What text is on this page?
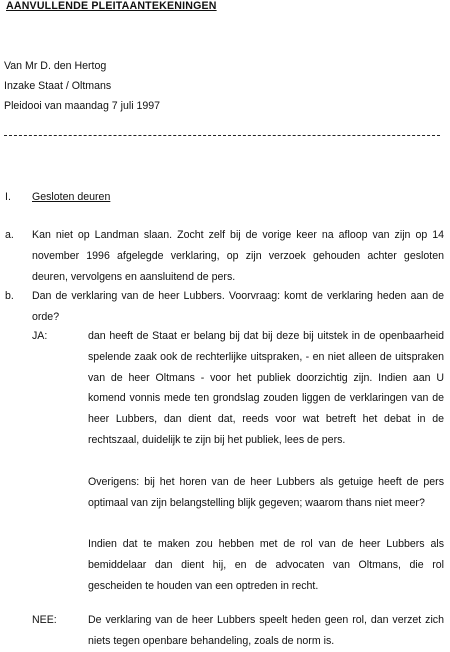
AANVULLENDE PLEITAANTEKENINGEN
Van Mr D. den Hertog
Inzake Staat / Oltmans
Pleidooi van maandag 7 juli 1997
I. Gesloten deuren
a. Kan niet op Landman slaan. Zocht zelf bij de vorige keer na afloop van zijn op 14 november 1996 afgelegde verklaring, op zijn verzoek gehouden achter gesloten deuren, vervolgens en aansluitend de pers.
b. Dan de verklaring van de heer Lubbers. Voorvraag: komt de verklaring heden aan de orde?
JA:	dan heeft de Staat er belang bij dat bij deze bij uitstek in de openbaarheid spelende zaak ook de rechterlijke uitspraken, - en niet alleen de uitspraken van de heer Oltmans - voor het publiek doorzichtig zijn. Indien aan U komend vonnis mede ten grondslag zouden liggen de verklaringen van de heer Lubbers, dan dient dat, reeds voor wat betreft het debat in de rechtszaal, duidelijk te zijn bij het publiek, lees de pers.
Overigens: bij het horen van de heer Lubbers als getuige heeft de pers optimaal van zijn belangstelling blijk gegeven; waarom thans niet meer?
Indien dat te maken zou hebben met de rol van de heer Lubbers als bemiddelaar dan dient hij, en de advocaten van Oltmans, die rol gescheiden te houden van een optreden in recht.
NEE:	De verklaring van de heer Lubbers speelt heden geen rol, dan verzet zich niets tegen openbare behandeling, zoals de norm is.
